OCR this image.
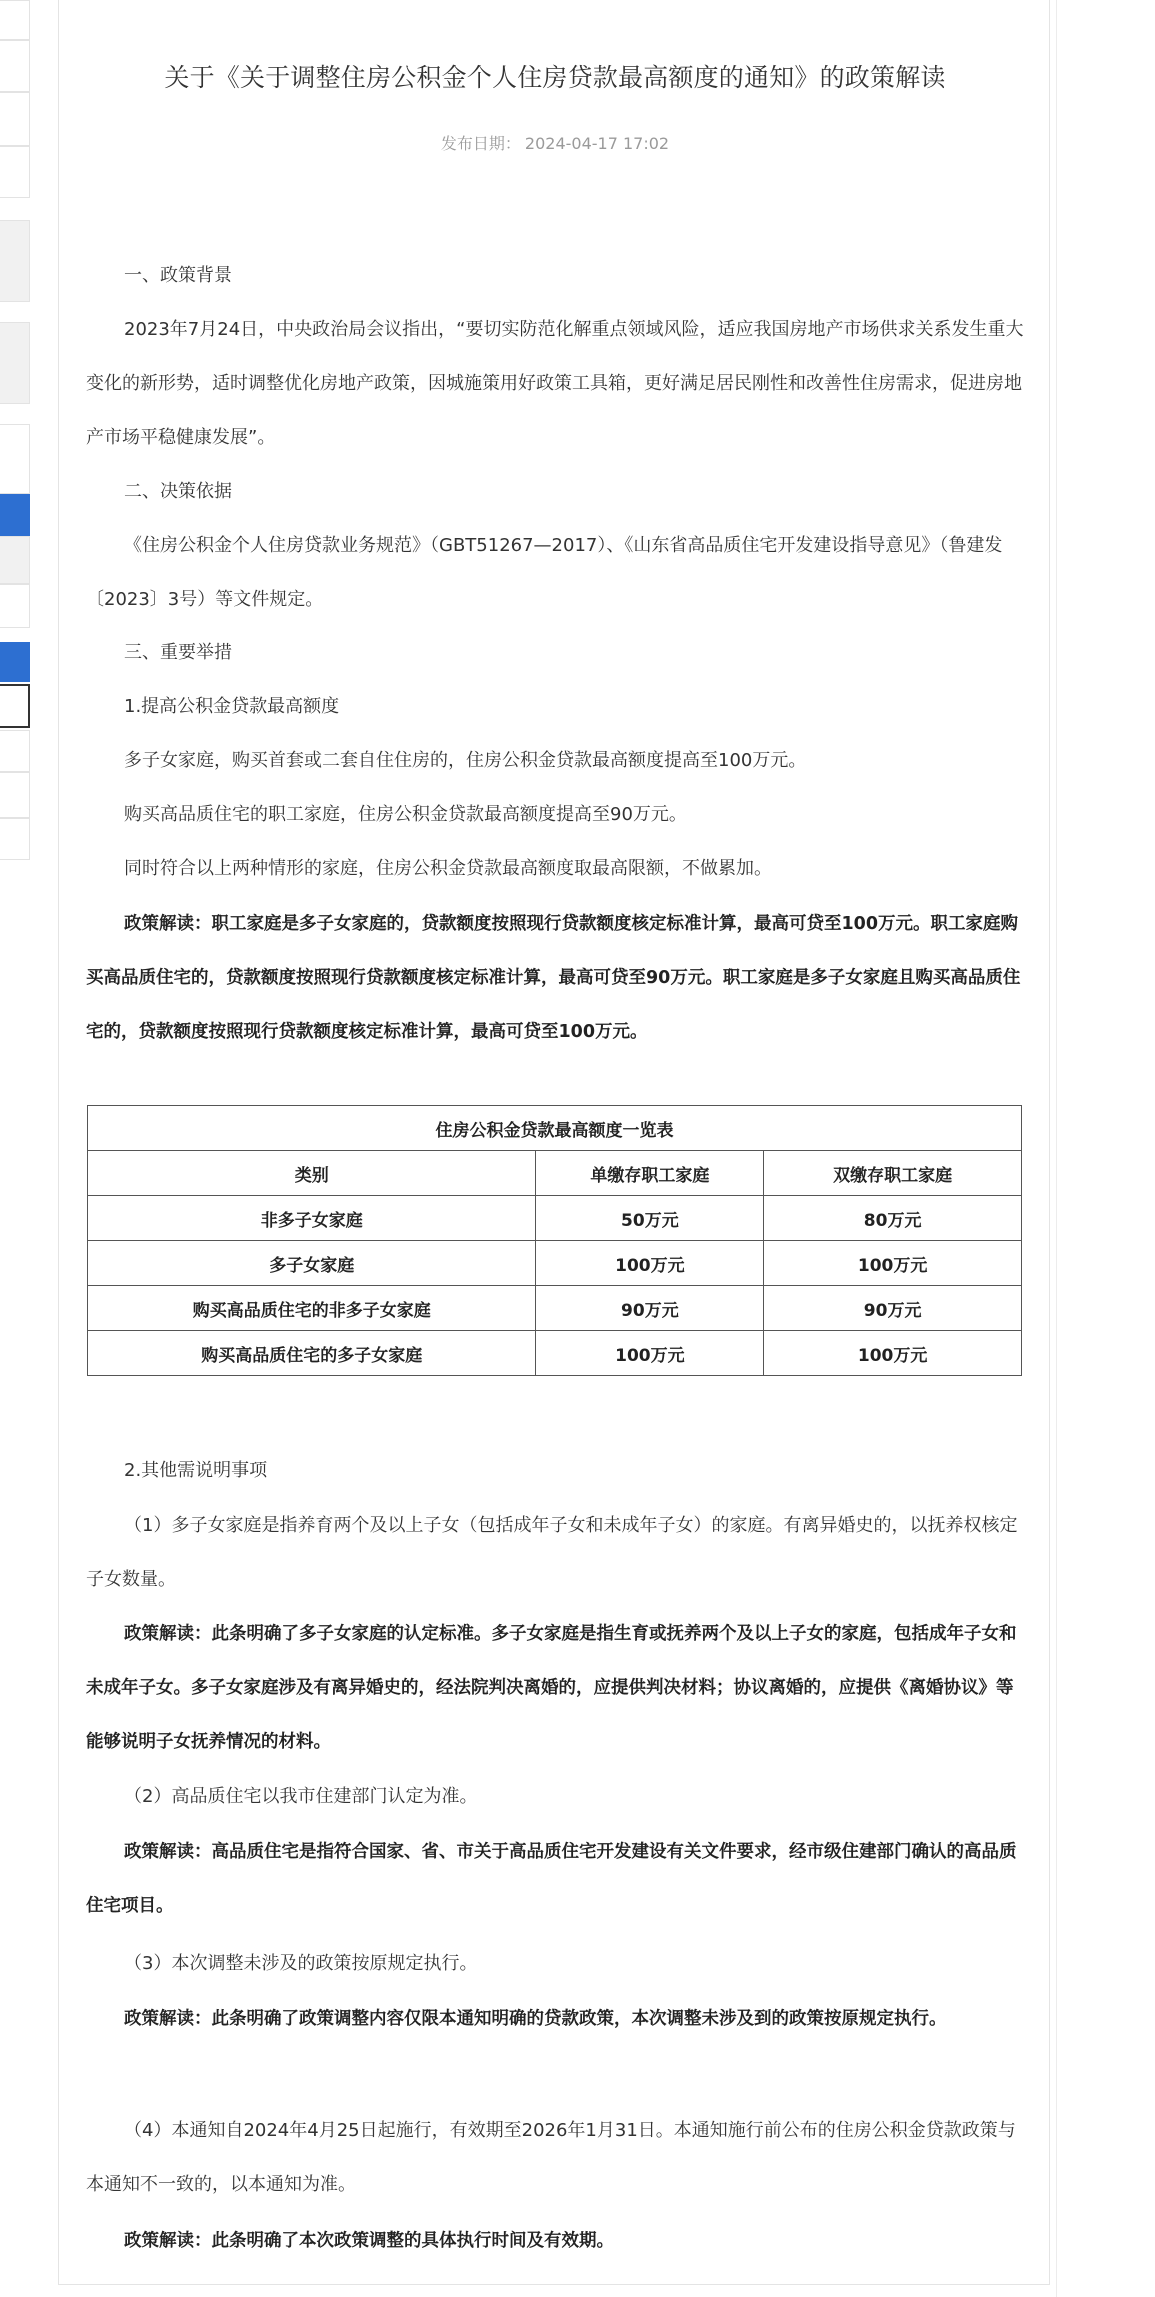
关于《关于调整住房公积金个人住房贷款最高额度的通知》的政策解读
发布日期： 2024-04-17 17:02

一、政策背景

2023年7月24日，中央政治局会议指出，“要切实防范化解重点领域风险，适应我国房地产市场供求关系发生重大变化的新形势，适时调整优化房地产政策，因城施策用好政策工具箱，更好满足居民刚性和改善性住房需求，促进房地产市场平稳健康发展”。

二、决策依据

《住房公积金个人住房贷款业务规范》（GBT51267—2017）、《山东省高品质住宅开发建设指导意见》（鲁建发〔2023〕3号）等文件规定。

三、重要举措

1.提高公积金贷款最高额度

多子女家庭，购买首套或二套自住住房的，住房公积金贷款最高额度提高至100万元。

购买高品质住宅的职工家庭，住房公积金贷款最高额度提高至90万元。

同时符合以上两种情形的家庭，住房公积金贷款最高额度取最高限额，不做累加。

政策解读：职工家庭是多子女家庭的，贷款额度按照现行贷款额度核定标准计算，最高可贷至100万元。职工家庭购买高品质住宅的，贷款额度按照现行贷款额度核定标准计算，最高可贷至90万元。职工家庭是多子女家庭且购买高品质住宅的，贷款额度按照现行贷款额度核定标准计算，最高可贷至100万元。

住房公积金贷款最高额度一览表		
类别	单缴存职工家庭	双缴存职工家庭
非多子女家庭	50万元	80万元
多子女家庭	100万元	100万元
购买高品质住宅的非多子女家庭	90万元	90万元
购买高品质住宅的多子女家庭	100万元	100万元

2.其他需说明事项

（1）多子女家庭是指养育两个及以上子女（包括成年子女和未成年子女）的家庭。有离异婚史的，以抚养权核定子女数量。

政策解读：此条明确了多子女家庭的认定标准。多子女家庭是指生育或抚养两个及以上子女的家庭，包括成年子女和未成年子女。多子女家庭涉及有离异婚史的，经法院判决离婚的，应提供判决材料；协议离婚的，应提供《离婚协议》等能够说明子女抚养情况的材料。

（2）高品质住宅以我市住建部门认定为准。

政策解读：高品质住宅是指符合国家、省、市关于高品质住宅开发建设有关文件要求，经市级住建部门确认的高品质住宅项目。

（3）本次调整未涉及的政策按原规定执行。

政策解读：此条明确了政策调整内容仅限本通知明确的贷款政策，本次调整未涉及到的政策按原规定执行。

（4）本通知自2024年4月25日起施行，有效期至2026年1月31日。本通知施行前公布的住房公积金贷款政策与本通知不一致的，以本通知为准。

政策解读：此条明确了本次政策调整的具体执行时间及有效期。
